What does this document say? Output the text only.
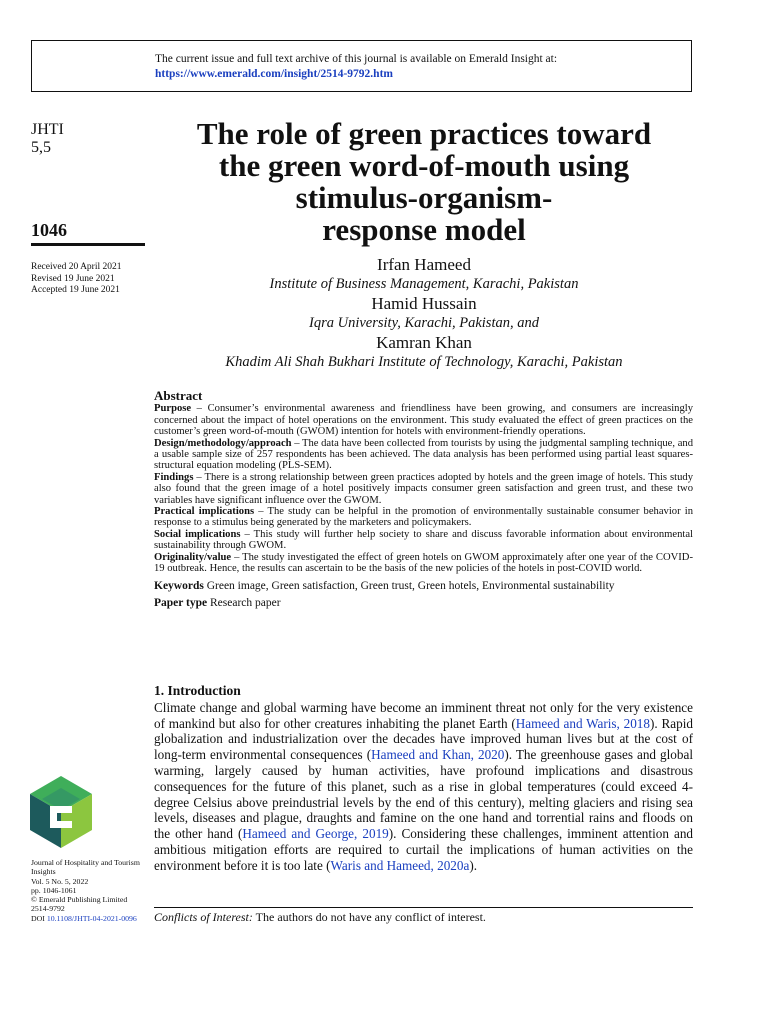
The current issue and full text archive of this journal is available on Emerald Insight at:
https://www.emerald.com/insight/2514-9792.htm
JHTI
5,5
1046
Received 20 April 2021
Revised 19 June 2021
Accepted 19 June 2021
The role of green practices toward
the green word-of-mouth using
stimulus-organism-
response model
Irfan Hameed
Institute of Business Management, Karachi, Pakistan
Hamid Hussain
Iqra University, Karachi, Pakistan, and
Kamran Khan
Khadim Ali Shah Bukhari Institute of Technology, Karachi, Pakistan
Abstract

Purpose – Consumer’s environmental awareness and friendliness have been growing, and consumers are increasingly concerned about the impact of hotel operations on the environment. This study evaluated the effect of green practices on the customer’s green word-of-mouth (GWOM) intention for hotels with environment-friendly operations.

Design/methodology/approach – The data have been collected from tourists by using the judgmental sampling technique, and a usable sample size of 257 respondents has been achieved. The data analysis has been performed using partial least squares-structural equation modeling (PLS-SEM).

Findings – There is a strong relationship between green practices adopted by hotels and the green image of hotels. This study also found that the green image of a hotel positively impacts consumer green satisfaction and green trust, and these two variables have significant influence over the GWOM.

Practical implications – The study can be helpful in the promotion of environmentally sustainable consumer behavior in response to a stimulus being generated by the marketers and policymakers.

Social implications – This study will further help society to share and discuss favorable information about environmental sustainability through GWOM.

Originality/value – The study investigated the effect of green hotels on GWOM approximately after one year of the COVID-19 outbreak. Hence, the results can ascertain to be the basis of the new policies of the hotels in post-COVID world.

Keywords Green image, Green satisfaction, Green trust, Green hotels, Environmental sustainability

Paper type Research paper

1. Introduction

Climate change and global warming have become an imminent threat not only for the very existence of mankind but also for other creatures inhabiting the planet Earth (Hameed and Waris, 2018). Rapid globalization and industrialization over the decades have improved human lives but at the cost of long-term environmental consequences (Hameed and Khan, 2020). The greenhouse gases and global warming, largely caused by human activities, have profound implications and disastrous consequences for the future of this planet, such as a rise in global temperatures (could exceed 4-degree Celsius above preindustrial levels by the end of this century), melting glaciers and rising sea levels, diseases and plague, draughts and famine on the one hand and torrential rains and floods on the other hand (Hameed and George, 2019). Considering these challenges, imminent attention and ambitious mitigation efforts are required to curtail the implications of human activities on the environment before it is too late (Waris and Hameed, 2020a).

Conflicts of Interest: The authors do not have any conflict of interest.
Journal of Hospitality and Tourism Insights
Vol. 5 No. 5, 2022
pp. 1046-1061
© Emerald Publishing Limited
2514-9792
DOI 10.1108/JHTI-04-2021-0096
